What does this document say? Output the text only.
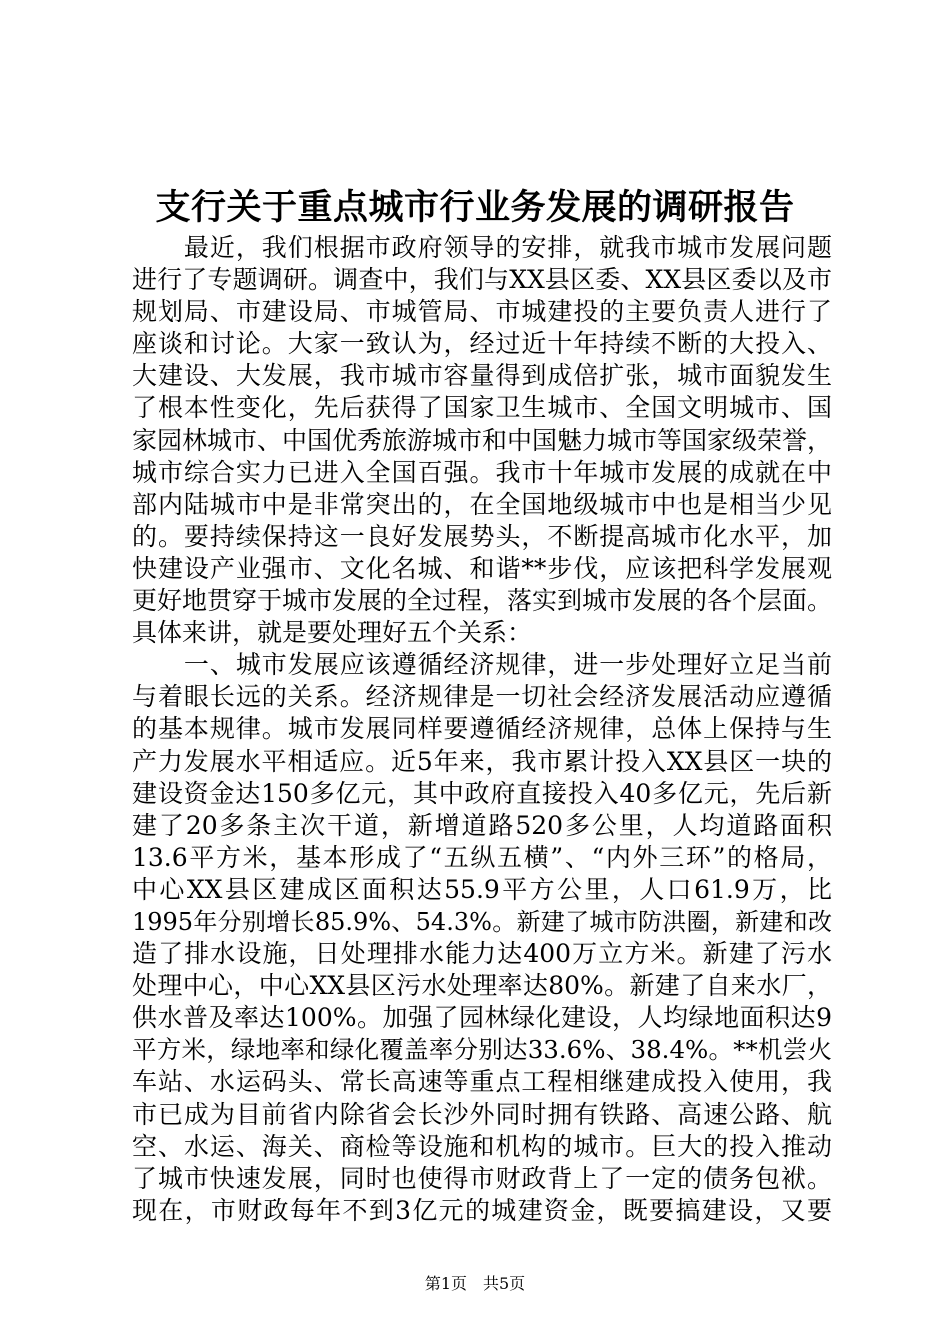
支行关于重点城市行业务发展的调研报告
　　最近，我们根据市政府领导的安排，就我市城市发展问题
进行了专题调研。调查中，我们与XX县区委、XX县区委以及市
规划局、市建设局、市城管局、市城建投的主要负责人进行了
座谈和讨论。大家一致认为，经过近十年持续不断的大投入、
大建设、大发展，我市城市容量得到成倍扩张，城市面貌发生
了根本性变化，先后获得了国家卫生城市、全国文明城市、国
家园林城市、中国优秀旅游城市和中国魅力城市等国家级荣誉，
城市综合实力已进入全国百强。我市十年城市发展的成就在中
部内陆城市中是非常突出的，在全国地级城市中也是相当少见
的。要持续保持这一良好发展势头，不断提高城市化水平，加
快建设产业强市、文化名城、和谐**步伐，应该把科学发展观
更好地贯穿于城市发展的全过程，落实到城市发展的各个层面。
具体来讲，就是要处理好五个关系：
　　一、城市发展应该遵循经济规律，进一步处理好立足当前
与着眼长远的关系。经济规律是一切社会经济发展活动应遵循
的基本规律。城市发展同样要遵循经济规律，总体上保持与生
产力发展水平相适应。近5年来，我市累计投入XX县区一块的
建设资金达150多亿元，其中政府直接投入40多亿元，先后新
建了20多条主次干道，新增道路520多公里，人均道路面积
13.6平方米，基本形成了“五纵五横”、“内外三环”的格局，
中心XX县区建成区面积达55.9平方公里，人口61.9万，比
1995年分别增长85.9%、54.3%。新建了城市防洪圈，新建和改
造了排水设施，日处理排水能力达400万立方米。新建了污水
处理中心，中心XX县区污水处理率达80%。新建了自来水厂，
供水普及率达100%。加强了园林绿化建设，人均绿地面积达9
平方米，绿地率和绿化覆盖率分别达33.6%、38.4%。**机尝火
车站、水运码头、常长高速等重点工程相继建成投入使用，我
市已成为目前省内除省会长沙外同时拥有铁路、高速公路、航
空、水运、海关、商检等设施和机构的城市。巨大的投入推动
了城市快速发展，同时也使得市财政背上了一定的债务包袱。
现在，市财政每年不到3亿元的城建资金，既要搞建设，又要
第1页　共5页
